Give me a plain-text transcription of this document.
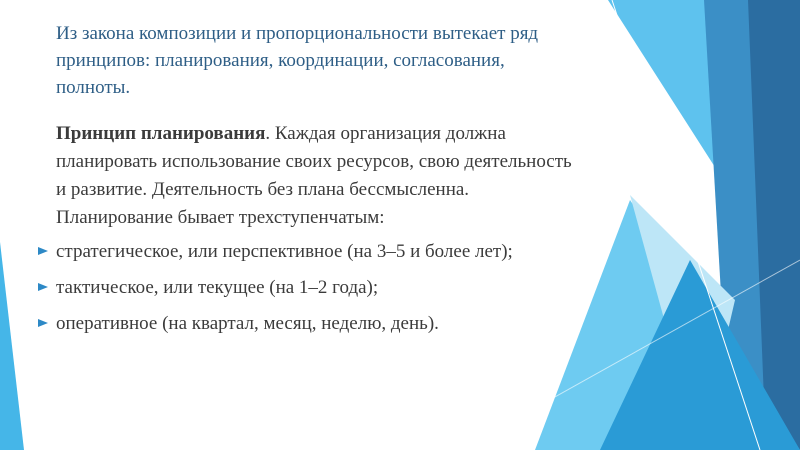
Из закона композиции и пропорциональности вытекает ряд принципов: планирования, координации, согласования, полноты.

Принцип планирования. Каждая организация должна планировать использование своих ресурсов, свою деятельность и развитие. Деятельность без плана бессмысленна. Планирование бывает трехступенчатым:

стратегическое, или перспективное (на 3–5 и более лет);
тактическое, или текущее (на 1–2 года);
оперативное (на квартал, месяц, неделю, день).
